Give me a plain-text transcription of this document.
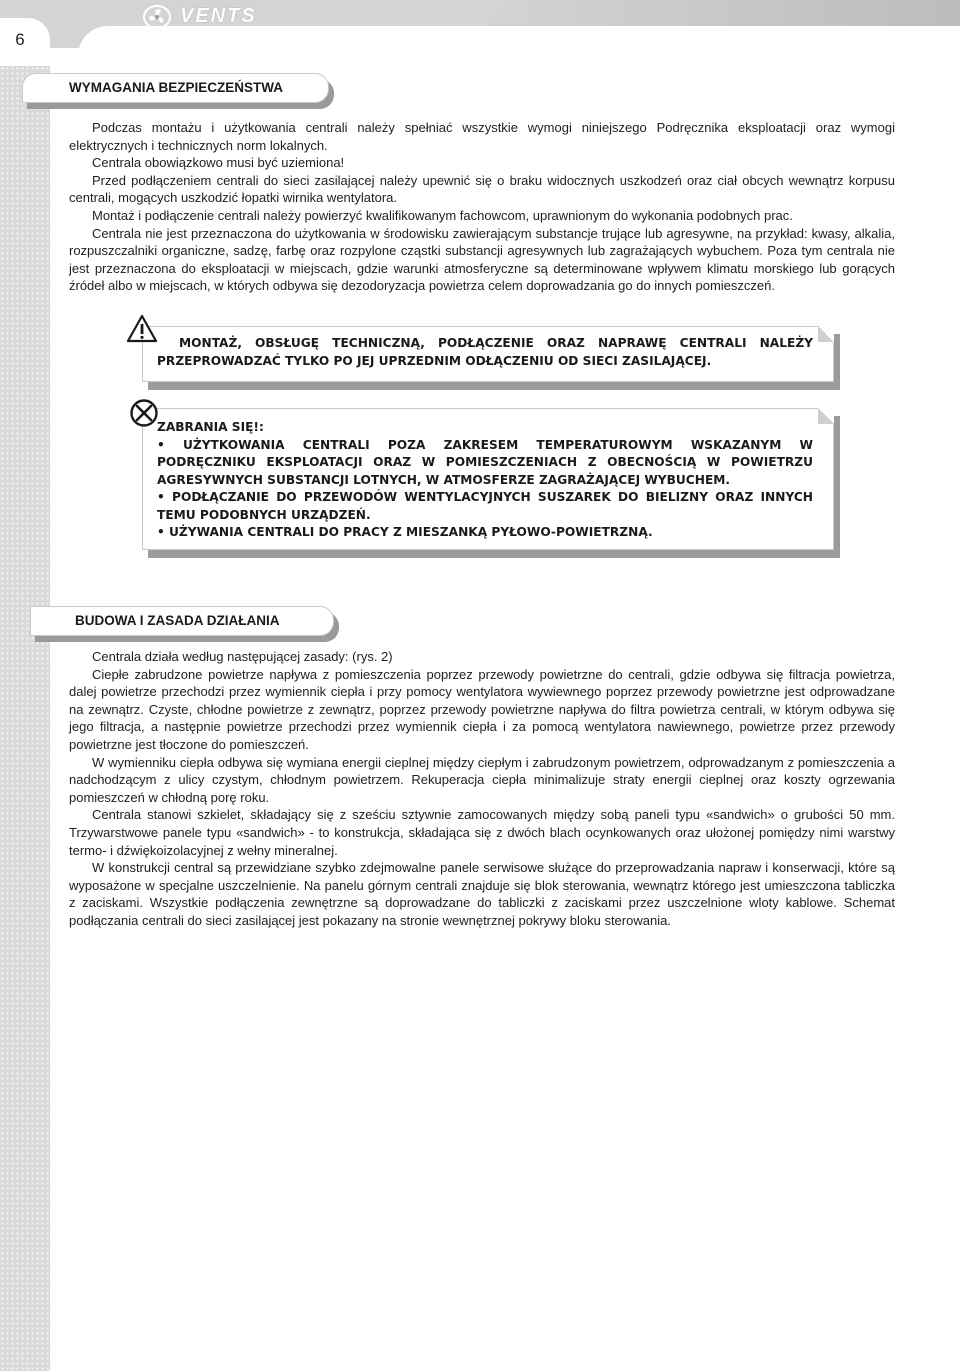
6
VENTS
WYMAGANIA BEZPIECZEŃSTWA

Podczas montażu i użytkowania centrali należy spełniać wszystkie wymogi niniejszego Podręcznika eksploatacji oraz wymogi elektrycznych i technicznych norm lokalnych.

Centrala obowiązkowo musi być uziemiona!

Przed podłączeniem centrali do sieci zasilającej należy upewnić się o braku widocznych uszkodzeń oraz ciał obcych wewnątrz korpusu centrali, mogących uszkodzić łopatki wirnika wentylatora.

Montaż i podłączenie centrali należy powierzyć kwalifikowanym fachowcom, uprawnionym do wykonania podobnych prac.

Centrala nie jest przeznaczona do użytkowania w środowisku zawierającym substancje trujące lub agresywne, na przykład: kwasy, alkalia, rozpuszczalniki organiczne, sadzę, farbę oraz rozpylone cząstki substancji agresywnych lub zagrażających wybuchem. Poza tym centrala nie jest przeznaczona do eksploatacji w miejscach, gdzie warunki atmosferyczne są determinowane wpływem klimatu morskiego lub gorących źródeł albo w miejscach, w których odbywa się dezodoryzacja powietrza celem doprowadzania go do innych pomieszczeń.

MONTAŻ, OBSŁUGĘ TECHNICZNĄ, PODŁĄCZENIE ORAZ NAPRAWĘ CENTRALI NALEŻY PRZEPROWADZAĆ TYLKO PO JEJ UPRZEDNIM ODŁĄCZENIU OD SIECI ZASILAJĄCEJ.
ZABRANIA SIĘ!:
• UŻYTKOWANIA CENTRALI POZA ZAKRESEM TEMPERATUROWYM WSKAZANYM W PODRĘCZNIKU EKSPLOATACJI ORAZ W POMIESZCZENIACH Z OBECNOŚCIĄ W POWIETRZU AGRESYWNYCH SUBSTANCJI LOTNYCH, W ATMOSFERZE ZAGRAŻAJĄCEJ WYBUCHEM.
• PODŁĄCZANIE DO PRZEWODÓW WENTYLACYJNYCH SUSZAREK DO BIELIZNY ORAZ INNYCH TEMU PODOBNYCH URZĄDZEŃ.
• UŻYWANIA CENTRALI DO PRACY Z MIESZANKĄ PYŁOWO-POWIETRZNĄ.
BUDOWA I ZASADA DZIAŁANIA

Centrala działa według następującej zasady: (rys. 2)

Ciepłe zabrudzone powietrze napływa z pomieszczenia poprzez przewody powietrzne do centrali, gdzie odbywa się filtracja powietrza, dalej powietrze przechodzi przez wymiennik ciepła i przy pomocy wentylatora wywiewnego poprzez przewody powietrzne jest odprowadzane na zewnątrz. Czyste, chłodne powietrze z zewnątrz, poprzez przewody powietrzne napływa do filtra powietrza centrali, w którym odbywa się jego filtracja, a następnie powietrze przechodzi przez wymiennik ciepła i za pomocą wentylatora nawiewnego, powietrze przez przewody powietrzne jest tłoczone do pomieszczeń.

W wymienniku ciepła odbywa się wymiana energii cieplnej między ciepłym i zabrudzonym powietrzem, odprowadzanym z pomieszczenia a nadchodzącym z ulicy czystym, chłodnym powietrzem. Rekuperacja ciepła minimalizuje straty energii cieplnej oraz koszty ogrzewania pomieszczeń w chłodną porę roku.

Centrala stanowi szkielet, składający się z sześciu sztywnie zamocowanych między sobą paneli typu «sandwich» o grubości 50 mm. Trzywarstwowe panele typu «sandwich» - to konstrukcja, składająca się z dwóch blach ocynkowanych oraz ułożonej pomiędzy nimi warstwy termo- i dźwiękoizolacyjnej z wełny mineralnej.

W konstrukcji central są przewidziane szybko zdejmowalne panele serwisowe służące do przeprowadzania napraw i konserwacji, które są wyposażone w specjalne uszczelnienie. Na panelu górnym centrali znajduje się blok sterowania, wewnątrz którego jest umieszczona tabliczka z zaciskami. Wszystkie podłączenia zewnętrzne są doprowadzane do tabliczki z zaciskami przez uszczelnione wloty kablowe. Schemat podłączania centrali do sieci zasilającej jest pokazany na stronie wewnętrznej pokrywy bloku sterowania.
